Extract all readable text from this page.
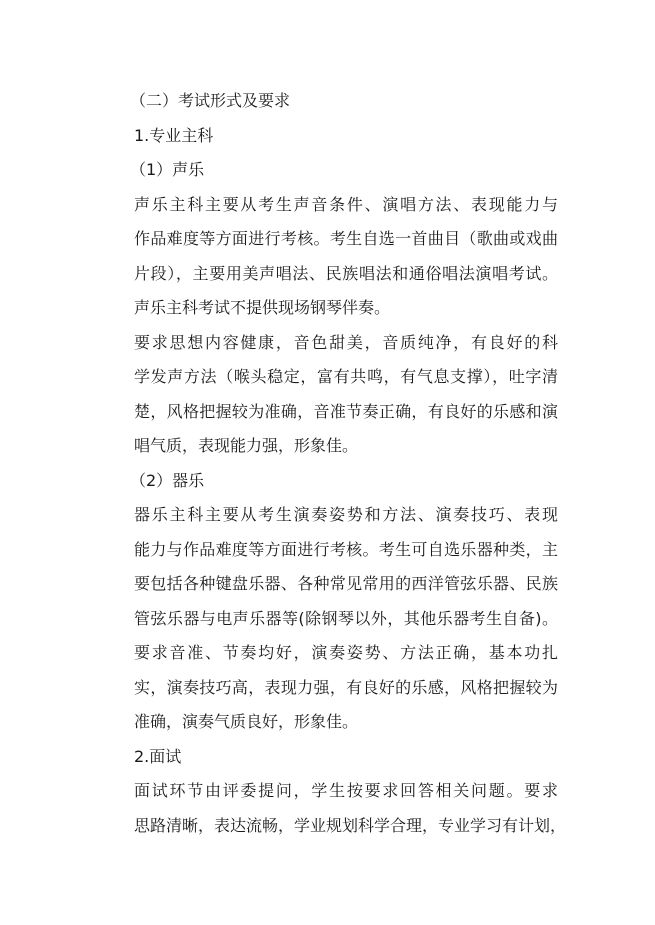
（二）考试形式及要求
1.专业主科
（1）声乐
声乐主科主要从考生声音条件、演唱方法、表现能力与
作品难度等方面进行考核。考生自选一首曲目（歌曲或戏曲
片段），主要用美声唱法、民族唱法和通俗唱法演唱考试。
声乐主科考试不提供现场钢琴伴奏。
要求思想内容健康，音色甜美，音质纯净，有良好的科
学发声方法（喉头稳定，富有共鸣，有气息支撑），吐字清
楚，风格把握较为准确，音准节奏正确，有良好的乐感和演
唱气质，表现能力强，形象佳。
（2）器乐
器乐主科主要从考生演奏姿势和方法、演奏技巧、表现
能力与作品难度等方面进行考核。考生可自选乐器种类，主
要包括各种键盘乐器、各种常见常用的西洋管弦乐器、民族
管弦乐器与电声乐器等(除钢琴以外，其他乐器考生自备)。
要求音准、节奏均好，演奏姿势、方法正确，基本功扎
实，演奏技巧高，表现力强，有良好的乐感，风格把握较为
准确，演奏气质良好，形象佳。
2.面试
面试环节由评委提问，学生按要求回答相关问题。要求
思路清晰，表达流畅，学业规划科学合理，专业学习有计划，
